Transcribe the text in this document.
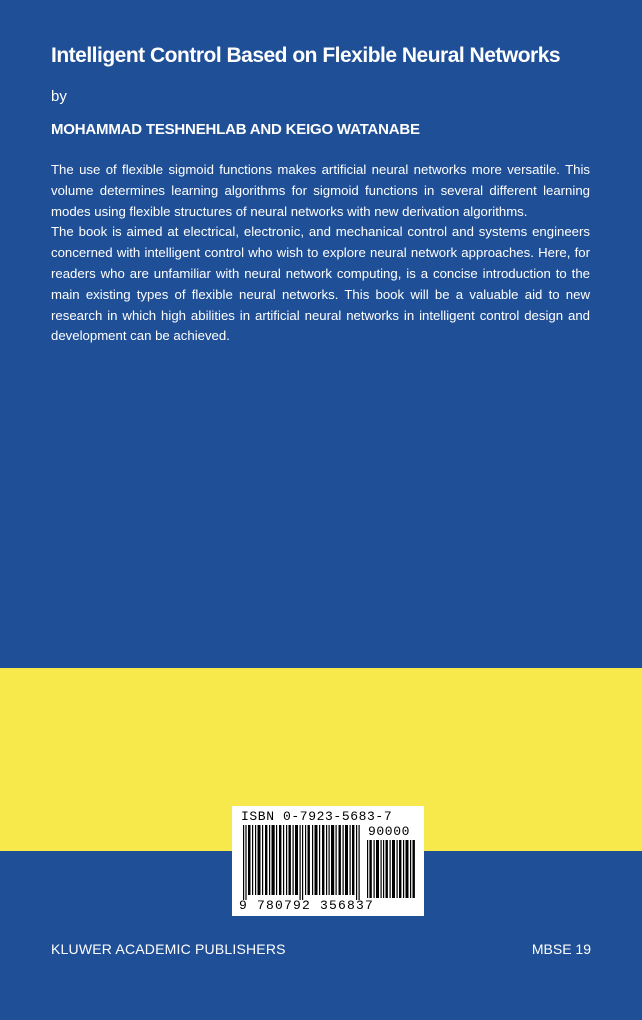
Intelligent Control Based on Flexible Neural Networks
by
MOHAMMAD TESHNEHLAB AND KEIGO WATANABE

The use of flexible sigmoid functions makes artificial neural networks more versatile. This volume determines learning algorithms for sigmoid functions in several different learning modes using flexible structures of neural networks with new derivation algorithms.

The book is aimed at electrical, electronic, and mechanical control and systems engineers concerned with intelligent control who wish to explore neural network approaches. Here, for readers who are unfamiliar with neural network computing, is a concise introduction to the main existing types of flexible neural networks. This book will be a valuable aid to new research in which high abilities in artificial neural networks in intelligent control design and development can be achieved.

ISBN 0-7923-5683-7
90000
9 780792 356837
KLUWER ACADEMIC PUBLISHERS	MBSE 19
